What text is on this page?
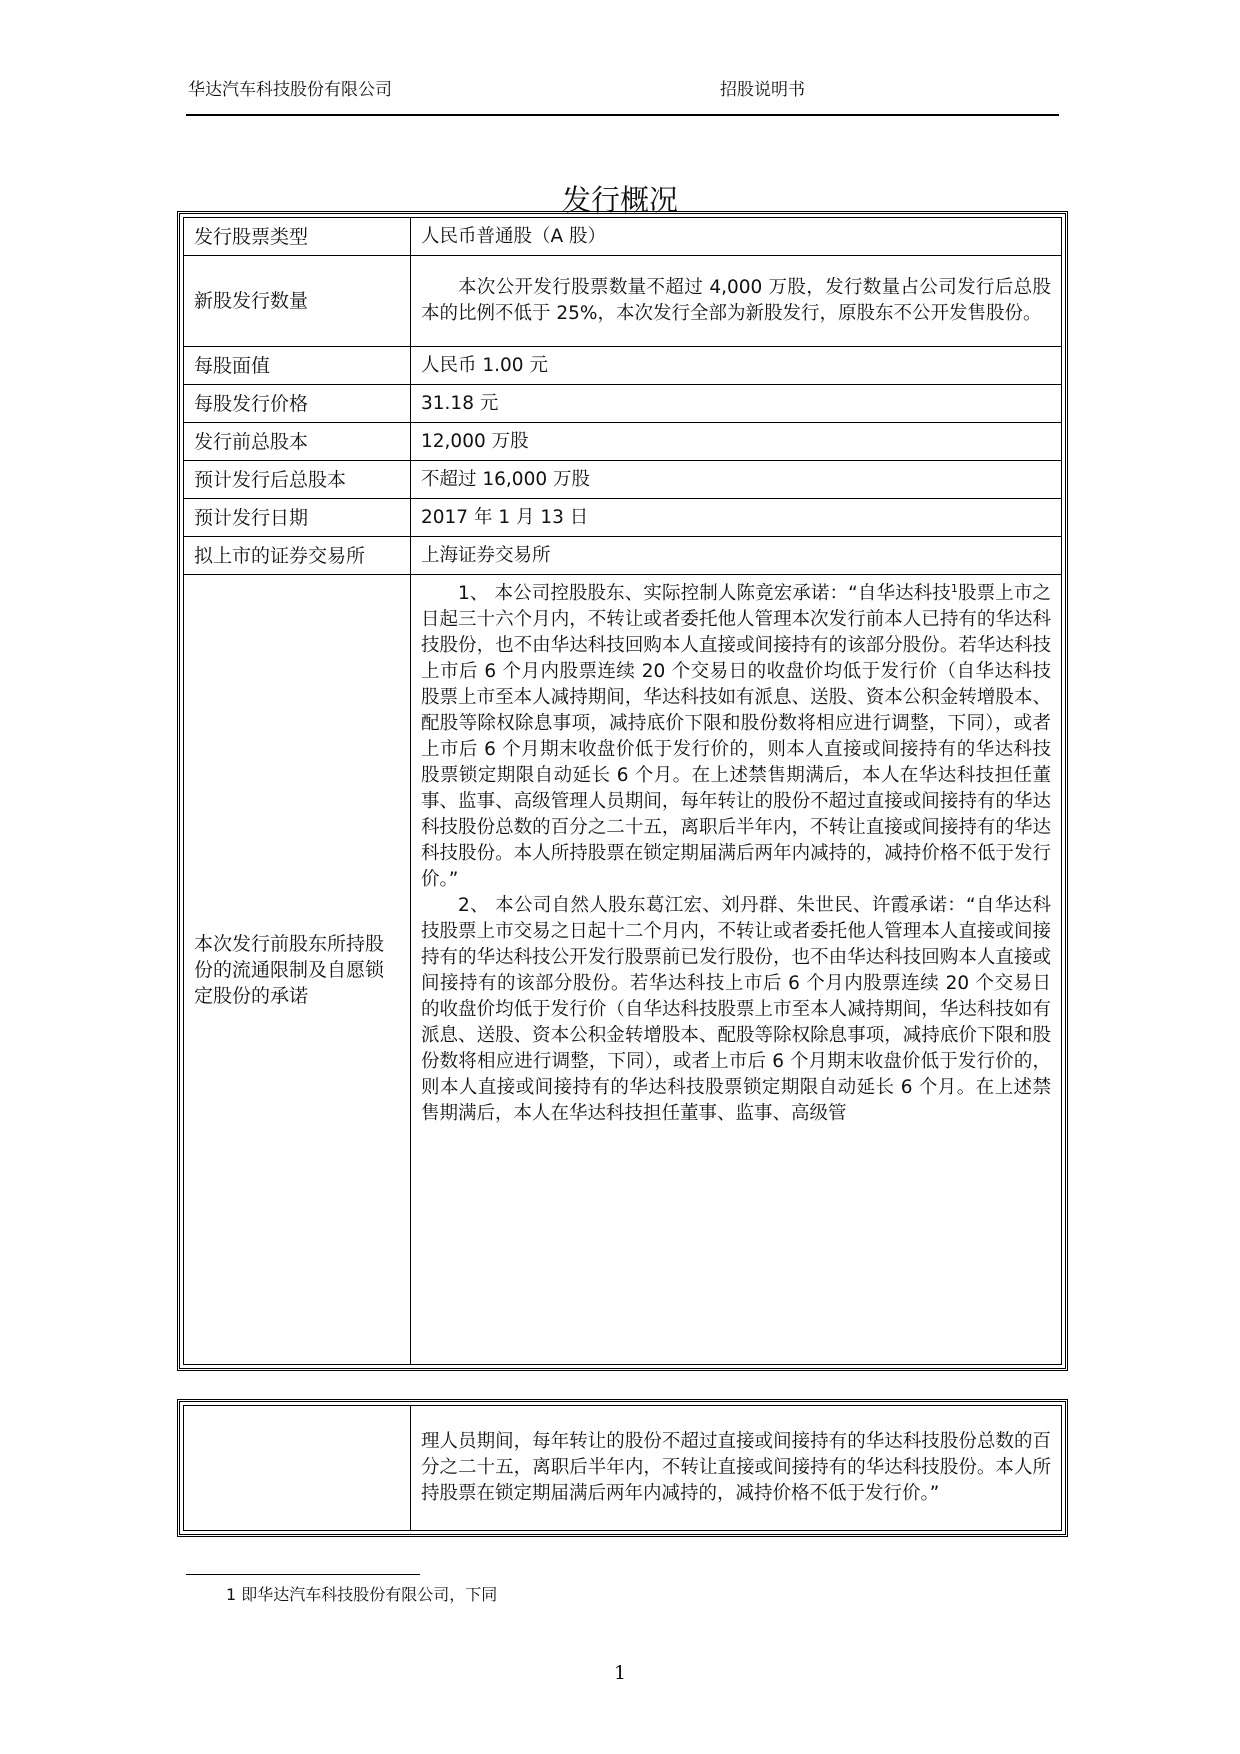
华达汽车科技股份有限公司	招股说明书
发行概况
发行股票类型	人民币普通股（A 股）
新股发行数量	本次公开发行股票数量不超过 4,000 万股，发行数量占公司发行后总股本的比例不低于 25%，本次发行全部为新股发行，原股东不公开发售股份。

每股面值	人民币 1.00 元
每股发行价格	31.18 元
发行前总股本	12,000 万股
预计发行后总股本	不超过 16,000 万股
预计发行日期	2017 年 1 月 13 日
拟上市的证券交易所	上海证券交易所
本次发行前股东所持股份的流通限制及自愿锁定股份的承诺	1、 本公司控股股东、实际控制人陈竟宏承诺：“自华达科技$^1$股票上市之日起三十六个月内，不转让或者委托他人管理本次发行前本人已持有的华达科技股份，也不由华达科技回购本人直接或间接持有的该部分股份。若华达科技上市后 6 个月内股票连续 20 个交易日的收盘价均低于发行价（自华达科技股票上市至本人减持期间，华达科技如有派息、送股、资本公积金转增股本、配股等除权除息事项，减持底价下限和股份数将相应进行调整，下同），或者上市后 6 个月期末收盘价低于发行价的，则本人直接或间接持有的华达科技股票锁定期限自动延长 6 个月。在上述禁售期满后，本人在华达科技担任董事、监事、高级管理人员期间，每年转让的股份不超过直接或间接持有的华达科技股份总数的百分之二十五，离职后半年内，不转让直接或间接持有的华达科技股份。本人所持股票在锁定期届满后两年内减持的，减持价格不低于发行价。”

2、 本公司自然人股东葛江宏、刘丹群、朱世民、许霞承诺：“自华达科技股票上市交易之日起十二个月内，不转让或者委托他人管理本人直接或间接持有的华达科技公开发行股票前已发行股份，也不由华达科技回购本人直接或间接持有的该部分股份。若华达科技上市后 6 个月内股票连续 20 个交易日的收盘价均低于发行价（自华达科技股票上市至本人减持期间，华达科技如有派息、送股、资本公积金转增股本、配股等除权除息事项，减持底价下限和股份数将相应进行调整，下同），或者上市后 6 个月期末收盘价低于发行价的，则本人直接或间接持有的华达科技股票锁定期限自动延长 6 个月。在上述禁售期满后，本人在华达科技担任董事、监事、高级管

理人员期间，每年转让的股份不超过直接或间接持有的华达科技股份总数的百分之二十五，离职后半年内，不转让直接或间接持有的华达科技股份。本人所持股票在锁定期届满后两年内减持的，减持价格不低于发行价。”

1 即华达汽车科技股份有限公司，下同
1
